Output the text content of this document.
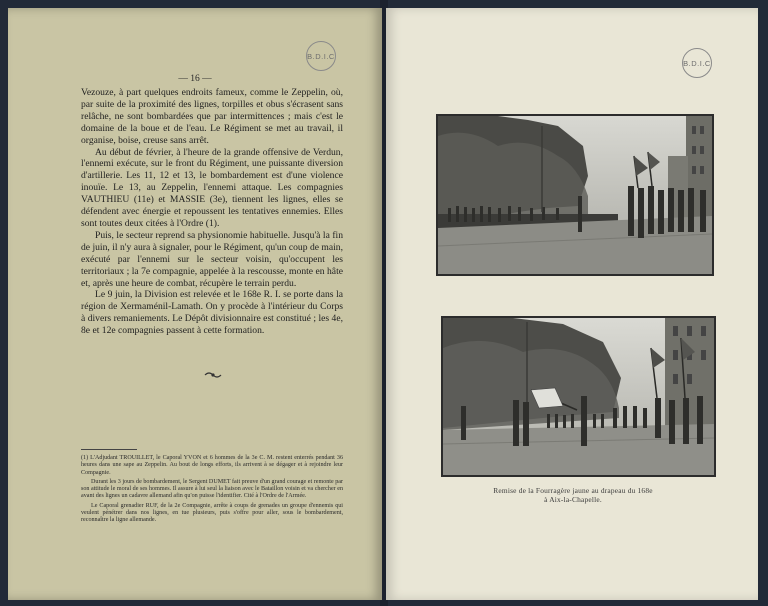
B.D.I.C
— 16 —

Vezouze, à part quelques endroits fameux, comme le Zeppelin, où, par suite de la proximité des lignes, torpilles et obus s'écrasent sans relâche, ne sont bombardées que par intermittences ; mais c'est le domaine de la boue et de l'eau. Le Régiment se met au travail, il organise, boise, creuse sans arrêt.

Au début de février, à l'heure de la grande offensive de Verdun, l'ennemi exécute, sur le front du Régiment, une puissante diversion d'artillerie. Les 11, 12 et 13, le bombardement est d'une violence inouïe. Le 13, au Zeppelin, l'ennemi attaque. Les compagnies VAUTHIEU (11e) et MASSIE (3e), tiennent les lignes, elles se défendent avec énergie et repoussent les tentatives ennemies. Elles sont toutes deux citées à l'Ordre (1).

Puis, le secteur reprend sa physionomie habituelle. Jusqu'à la fin de juin, il n'y aura à signaler, pour le Régiment, qu'un coup de main, exécuté par l'ennemi sur le secteur voisin, qu'occupent les territoriaux ; la 7e compagnie, appelée à la rescousse, monte en hâte et, après une heure de combat, récupère le terrain perdu.

Le 9 juin, la Division est relevée et le 168e R. I. se porte dans la région de Xermaménil-Lamath. On y procède à l'intérieur du Corps à divers remaniements. Le Dépôt divisionnaire est constitué ; les 4e, 8e et 12e compagnies passent à cette formation.

(1) L'Adjudant TROUILLET, le Caporal YVON et 6 hommes de la 3e C. M. restent enterrés pendant 36 heures dans une sape au Zeppelin. Au bout de longs efforts, ils arrivent à se dégager et à rejoindre leur Compagnie.

Durant les 3 jours de bombardement, le Sergent DUMET fait preuve d'un grand courage et remonte par son attitude le moral de ses hommes. Il assure à lui seul la liaison avec le Bataillon voisin et va chercher en avant des lignes un cadavre allemand afin qu'on puisse l'identifier. Cité à l'Ordre de l'Armée.

Le Caporal grenadier RUF, de la 2e Compagnie, arrête à coups de grenades un groupe d'ennemis qui veulent pénétrer dans nos lignes, en tue plusieurs, puis s'offre pour aller, sous le bombardement, reconnaître la ligne allemande.

B.D.I.C
Remise de la Fourragère jaune au drapeau du 168e
à Aix-la-Chapelle.
